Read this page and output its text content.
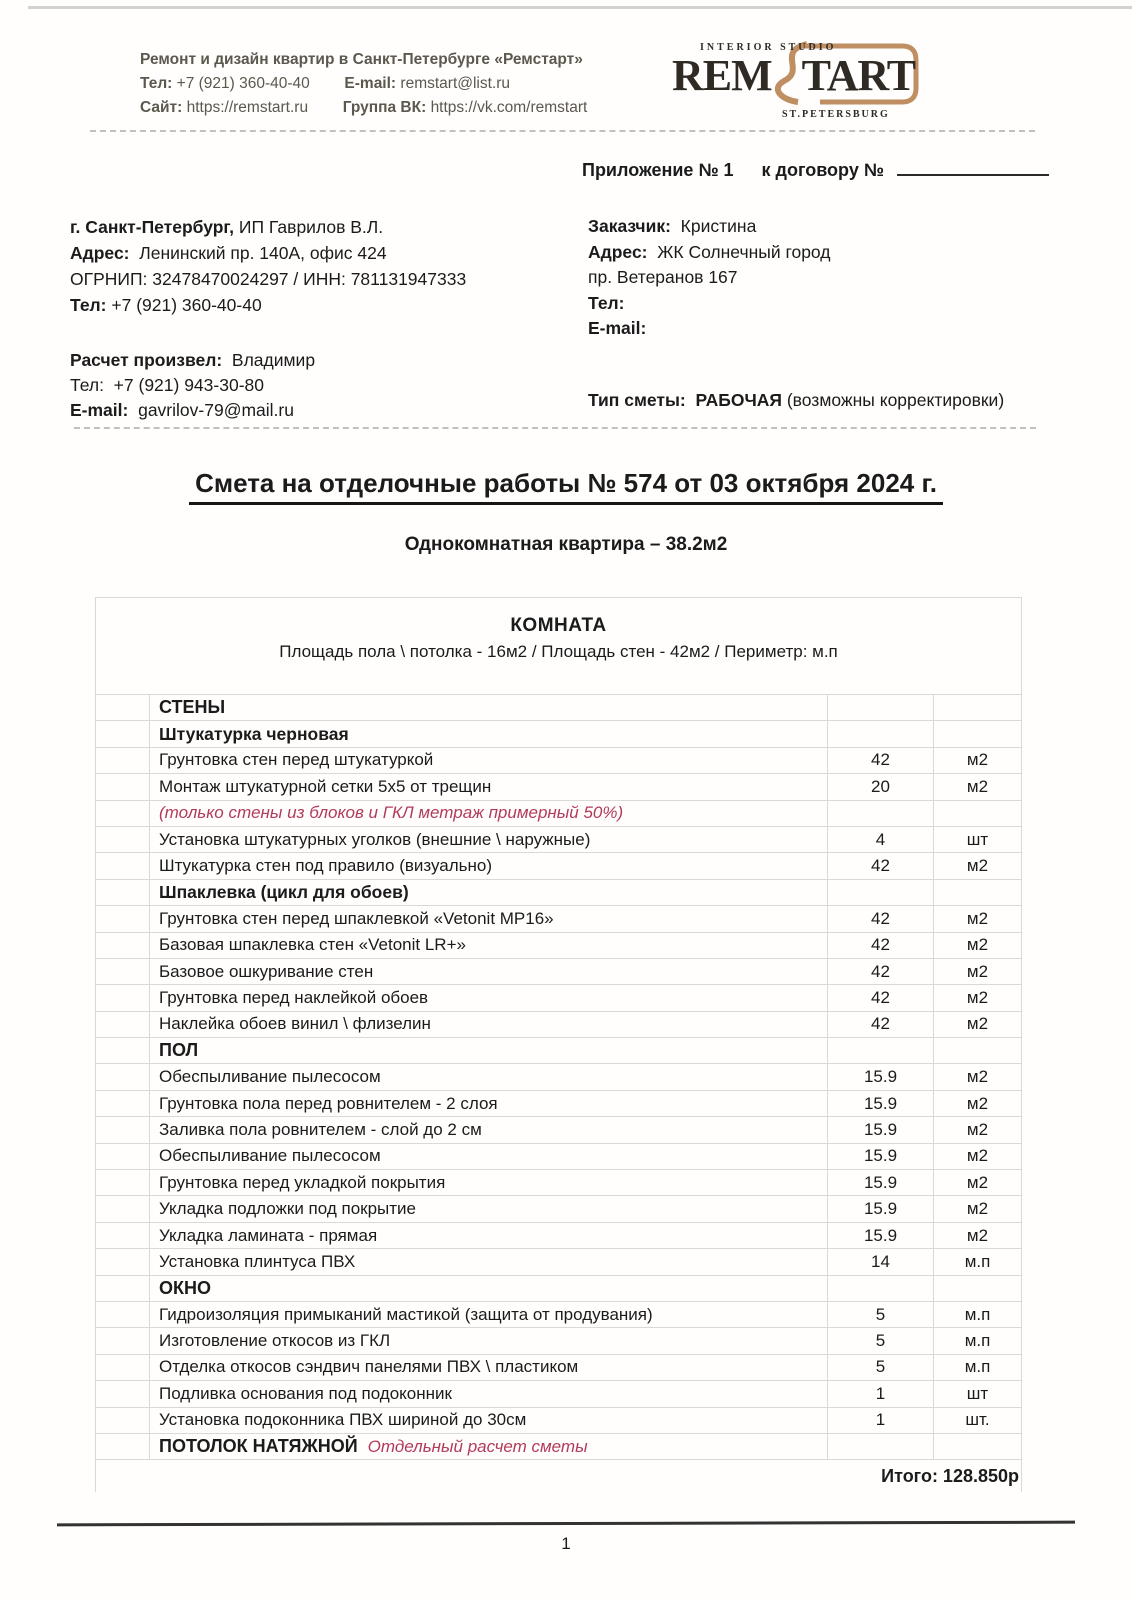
Ремонт и дизайн квартир в Санкт-Петербурге «Ремстарт»
Тел: +7 (921) 360-40-40 E-mail: remstart@list.ru
Сайт: https://remstart.ru Группа ВК: https://vk.com/remstart
INTERIOR STUDIO
REM TART
ST.PETERSBURG
Приложение № 1 к договору №
г. Санкт-Петербург, ИП Гаврилов В.Л.
Адрес: Ленинский пр. 140А, офис 424
ОГРНИП: 32478470024297 / ИНН: 781131947333
Тел: +7 (921) 360-40-40
Расчет произвел: Владимир
Тел: +7 (921) 943-30-80
E-mail: gavrilov-79@mail.ru
Заказчик: Кристина
Адрес: ЖК Солнечный город
пр. Ветеранов 167
Тел:
E-mail:
Тип сметы: РАБОЧАЯ (возможны корректировки)
Смета на отделочные работы № 574 от 03 октября 2024 г.
Однокомнатная квартира – 38.2м2
КОМНАТА
Площадь пола \ потолка - 16м2 / Площадь стен - 42м2 / Периметр: м.п
СТЕНЫ
Штукатурка черновая
Грунтовка стен перед штукатуркой	42	м2
Монтаж штукатурной сетки 5х5 от трещин	20	м2
(только стены из блоков и ГКЛ метраж примерный 50%)
Установка штукатурных уголков (внешние \ наружные)	4	шт
Штукатурка стен под правило (визуально)	42	м2
Шпаклевка (цикл для обоев)
Грунтовка стен перед шпаклевкой «Vetonit MP16»	42	м2
Базовая шпаклевка стен «Vetonit LR+»	42	м2
Базовое ошкуривание стен	42	м2
Грунтовка перед наклейкой обоев	42	м2
Наклейка обоев винил \ флизелин	42	м2
ПОЛ
Обеспыливание пылесосом	15.9	м2
Грунтовка пола перед ровнителем - 2 слоя	15.9	м2
Заливка пола ровнителем - слой до 2 см	15.9	м2
Обеспыливание пылесосом	15.9	м2
Грунтовка перед укладкой покрытия	15.9	м2
Укладка подложки под покрытие	15.9	м2
Укладка ламината - прямая	15.9	м2
Установка плинтуса ПВХ	14	м.п
ОКНО
Гидроизоляция примыканий мастикой (защита от продувания)	5	м.п
Изготовление откосов из ГКЛ	5	м.п
Отделка откосов сэндвич панелями ПВХ \ пластиком	5	м.п
Подливка основания под подоконник	1	шт
Установка подоконника ПВХ шириной до 30см	1	шт.
ПОТОЛОК НАТЯЖНОЙ Отдельный расчет сметы
Итого: 128.850р
1
